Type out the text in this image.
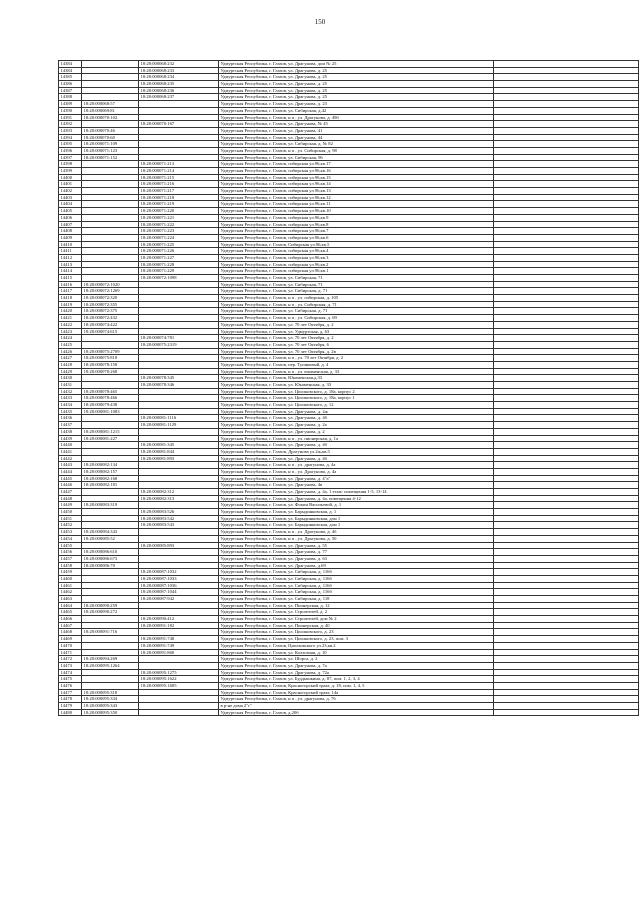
150
14384		18:28:000068:232	Удмуртская Республика, г. Глазов, ул. Драгунова, дом № 25	
14384		18:28:000068:233	Удмуртская Республика, г. Глазов, ул. Драгунова, д. 25	
14385		18:28:000068:234	Удмуртская Республика, г. Глазов, ул. Драгунова, д. 25	
14386		18:28:000068:235	Удмуртская Республика, г. Глазов, ул. Драгунова, д. 25	
14387		18:28:000068:236	Удмуртская Республика, г. Глазов, ул. Драгунова, д. 25	
14388		18:28:000068:237	Удмуртская Республика, г. Глазов, ул. Драгунова, д. 25	
14389	18:28:000068:57		Удмуртская Республика, г. Глазов, ул. Драгунова, д. 23	
14390	18:28:000069:81		Удмуртская Республика, г. Глазов, ул. Сибирская, д.42	
14391	18:28:000070:102		Удмуртская Республика, г. Глазов, н п , ул. Драгунова, д. 49б	
14392		18:28:000070:167	Удмуртская Республика, г. Глазов, ул. Драгунова, № 45	
14393	18:28:000070:46		Удмуртская Республика, г. Глазов, ул. Драгунова, 41	
14394	18:28:000070:60		Удмуртская Республика, г. Глазов, ул. Драгунова, 44	
14395	18:28:000071:109		Удмуртская Республика, г. Глазов, ул. Сибирская, д. № 82	
14396	18:28:000071:123		Удмуртская Республика, г. Глазов, н п , ул. Сибирская, д. 98	
14397	18:28:000071:152		Удмуртская Республика, г. Глазов, ул. Сибирская, 96	
14398		18:28:000071:213	Удмуртская Республика, г. Глазов, сибирская ул.96,кв.17	
14399		18:28:000071:214	Удмуртская Республика, г. Глазов, сибирская ул.96,кв.16	
14400		18:28:000071:215	Удмуртская Республика, г. Глазов, сибирская ул.96,кв.15	
14401		18:28:000071:216	Удмуртская Республика, г. Глазов, сибирская ул.96,кв.14	
14402		18:28:000071:217	Удмуртская Республика, г. Глазов, сибирская ул.96,кв.13	
14403		18:28:000071:218	Удмуртская Республика, г. Глазов, сибирская ул.96,кв.12	
14404		18:28:000071:219	Удмуртская Республика, г. Глазов, сибирская ул.96,кв.11	
14405		18:28:000071:220	Удмуртская Республика, г. Глазов, сибирская ул.96,кв.10	
14406		18:28:000071:221	Удмуртская Республика, г. Глазов, сибирская ул.96,кв.9	
14407		18:28:000071:222	Удмуртская Республика, г. Глазов, сибирская ул.96,кв.8	
14408		18:28:000071:223	Удмуртская Республика, г. Глазов, сибирская ул.96,кв.7	
14409		18:28:000071:224	Удмуртская Республика, г. Глазов, сибирская ул.96,кв.6	
14410		18:28:000071:225	Удмуртская Республика, г. Глазов, Сибирская ул.96,кв.5	
14411		18:28:000071:226	Удмуртская Республика, г. Глазов, сибирская ул.96,кв.4	
14412		18:28:000071:227	Удмуртская Республика, г. Глазов, сибирская ул.96,кв.3	
14413		18:28:000071:228	Удмуртская Республика, г. Глазов, сибирская ул.96,кв.2	
14414		18:28:000071:229	Удмуртская Республика, г. Глазов, сибирская ул.96,кв.1	
14415		18:28:000072:1098	Удмуртская Республика, г. Глазов, ул. Сибирская, 71	
14416	18:28:000072:1020		Удмуртская Республика, г. Глазов, ул. Сибирская, 71	
14417	18:28:000072:1269		Удмуртская Республика, г. Глазов, ул. Сибирская, д. 71	
14418	18:28:000072:320		Удмуртская Республика, г. Глазов, н п , ул. сибирская, д. 105	
14419	18:28:000072:355		Удмуртская Республика, г. Глазов, н п , ул. Сибирская, д. 71	
14420	18:28:000072:375		Удмуртская Республика, г. Глазов, ул. Сибирская, д. 71	
14421	18:28:000072:432		Удмуртская Республика, г. Глазов, н п , ул. Сибирская, д. 69	
14422	18:28:000074:422		Удмуртская Республика, г. Глазов, ул. 70 лет Октября, д. 2	
14423	18:28:000074:615		Удмуртская Республика, г. Глазов, ул. Удмуртская, д. 63	
14424		18:28:000074:781	Удмуртская Республика, г. Глазов, ул. 70 лет Октября, д. 2	
14425		18:28:000075:2319	Удмуртская Республика, г. Глазов, ул. 70 лет Октября, 6	
14426	18:28:000075:2709		Удмуртская Республика, г. Глазов, ул. 70 лет Октября, д. 2в	
14427	18:28:000075:818		Удмуртская Республика, г. Глазов, н п , ул. 70 лет Октября, д. 2	
14428	18:28:000078:158		Удмуртская Республика, г. Глазов, пер. Тупиковый, д. 4	
14429	18:28:000078:268		Удмуртская Республика, г. Глазов, н п , ул. юкаменская, д. 33	
14430		18:28:000078:345	Удмуртская Республика, г. Глазов, Юкаменская,д.33	
14431		18:28:000078:346	Удмуртская Республика, г. Глазов, ул. Юкаменская, д. 33	
14432	18:28:000078:465		Удмуртская Республика, г. Глазов, ул. Циолковского, д. 18а, корпус 2	
14433	18:28:000078:466		Удмуртская Республика, г. Глазов, ул. Циолковского, д. 18а, корпус 1	
14434	18:28:000079:438		Удмуртская Республика, г. Глазов, ул. Циолковского, д. 12	
14435	18:28:000081:1083		Удмуртская Республика, г. Глазов, ул. Драгунова, д. 2ж	
14436		18:28:000081:1116	Удмуртская Республика, г. Глазов, ул. Драгунова, д. 4б	
14437		18:28:000081:1129	Удмуртская Республика, г. Глазов, ул. Драгунова, д. 2а	
14438	18:28:000081:1215		Удмуртская Республика, г. Глазов, ул. Драгунова, д. 2	
14439	18:28:000081:227		Удмуртская Республика, г. Глазов, н п , ул. пионерская, д. 1а	
14440		18:28:000081:345	Удмуртская Республика, г. Глазов, ул. Драгунова, д. 4б	
14441		18:28:000081:844	Удмуртская Республика, г. Глазов, Драгунова ул.2ж,кв.5	
14442		18:28:000081:893	Удмуртская Республика, г. Глазов, ул. Драгунова, д. 4б	
14443	18:28:000082:134		Удмуртская Республика, г. Глазов, н п , ул. драгунова, д. 4а	
14444	18:28:000082:157		Удмуртская Республика, г. Глазов, н п , ул. Драгунова, д. 4а	
14445	18:28:000082:168		Удмуртская Республика, г. Глазов, ул. Драгунова, д. 4"а"	
14446	18:28:000082:181		Удмуртская Республика, г. Глазов, ул. Драгунова, 4в	
14447		18:28:000082:312	Удмуртская Республика, г. Глазов, ул. Драгунова, д. 4а, 1 этаж: помещения 1-5, 13-14	
14448		18:28:000082:313	Удмуртская Республика, г. Глазов, ул. Драгунова, д. 4а, помещения 4-12	
14449	18:28:000083:319		Удмуртская Республика, г. Глазов, ул. Фокин Васильевой, д. 1	
14450		18:28:000083:526	Удмуртская Республика, г. Глазов, ул. Барыдинковская, д. 1	
14451		18:28:000083:542	Удмуртская Республика, г. Глазов, ул. Барыдинковская, дом 1	
14452		18:28:000083:543	Удмуртская Республика, г. Глазов, ул. Барыдинковская, дом 1	
14453	18:28:000084:343		Удмуртская Республика, г. Глазов, н п , ул. Драгунова, д. 4б	
14454	18:28:000085:52		Удмуртская Республика, г. Глазов, н п , ул. Драгунова, д. 50	
14455		18:28:000085:893	Удмуртская Республика, г. Глазов, ул. Драгунова, д. 55	
14456	18:28:000086:610		Удмуртская Республика, г. Глазов, ул. Драгунова, д. 77	
14457	18:28:000086:673		Удмуртская Республика, г. Глазов, ул. Драгунова, д. 63	
14458	18:28:000086:70		Удмуртская Республика, г. Глазов, ул. Драгунова, д.69	
14459		18:28:000087:1032	Удмуртская Республика, г. Глазов, ул. Сибирская, д. 116б	
14460		18:28:000087:1033	Удмуртская Республика, г. Глазов, ул. Сибирская, д. 116б	
14461		18:28:000087:1036	Удмуртская Республика, г. Глазов, ул. Сибирская, д. 116б	
14462		18:28:000087:1044	Удмуртская Республика, г. Глазов, ул. Сибирская, д. 116б	
14463		18:28:000087:942	Удмуртская Республика, г. Глазов, ул. Сибирская, д. 118	
14464	18:28:000090:259		Удмуртская Республика, г. Глазов, ул. Пионерская, д. 12	
14465	18:28:000090:272		Удмуртская Республика, г. Глазов, ул. Строителей, д. 2	
14466		18:28:000090:412	Удмуртская Республика, г. Глазов, ул. Строителей, дом № 2	
14467		18:28:000091:182	Удмуртская Республика, г. Глазов, ул. Пионерская, д. 40	
14468	18:28:000091:716		Удмуртская Республика, г. Глазов, ул. Циолковского, д. 23	
14469		18:28:000091:748	Удмуртская Республика, г. Глазов, ул. Циолковского, д. 23, пом. 3	
14470		18:28:000091:749	Удмуртская Республика, г. Глазов, Циолковского ул.23,кв.2	
14471		18:28:000091:860	Удмуртская Республика, г. Глазов, ул. Колхозная, д. 10	
14472	18:28:000094:269		Удмуртская Республика, г. Глазов, ул. Шорса, д. 2	
14473	18:28:000095:1264		Удмуртская Республика, г. Глазов, ул. Драгунова, д. 7а	
14474		18:28:000095:1275	Удмуртская Республика, г. Глазов, ул. Драгунова, д. 72а	
14475		18:28:000095:1622	Удмуртская Республика, г. Глазов, ул. Буддышкина, д. 87, пом. 1, 2, 3, 4	
14476		18:28:000095:1685	Удмуртская Республика, г. Глазов, Красногорский тракт, д. 18, пом. 1, 4, 5	
14477	18:28:000095:318		Удмуртская Республика, г. Глазов, Красногорский тракт, 14а	
14478	18:28:000095:334		Удмуртская Республика, г. Глазов, н п , ул. драгунова, д. 76	
14479	18:28:000095:343		в р-не дома 2"г"	
14480	18:28:000095:350		Удмуртская Республика, г. Глазов, д.20б	
